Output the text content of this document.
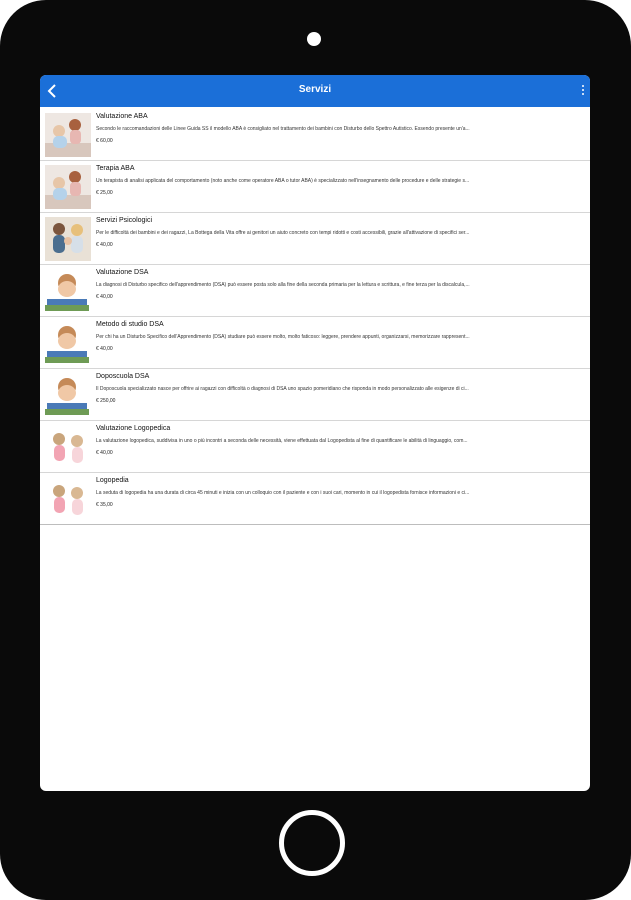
Servizi
Valutazione ABA
Secondo le raccomandazioni delle Linee Guida SS il modello ABA è consigliato nel trattamento dei bambini con Disturbo dello Spettro Autistico. Essendo presente un'a...
€ 60,00
Terapia ABA
Un terapista di analisi applicata del comportamento (noto anche come operatore ABA o tutor ABA) è specializzato nell'insegnamento delle procedure e delle strategie s...
€ 25,00
Servizi Psicologici
Per le difficoltà dei bambini e dei ragazzi, La Bottega della Vita offre ai genitori un aiuto concreto con tempi ridotti e costi accessibili, grazie all'attivazione di specifici ser...
€ 40,00
Valutazione DSA
La diagnosi di Disturbo specifico dell'apprendimento (DSA) può essere posta solo alla fine della seconda primaria per la lettura e scrittura, e fine terza per la discalcula,...
€ 40,00
Metodo di studio DSA
Per chi ha un Disturbo Specifico dell'Apprendimento (DSA) studiare può essere molto, molto faticoso: leggere, prendere appunti, organizzarsi, memorizzare rappresent...
€ 40,00
Doposcuola DSA
Il Doposcuola specializzato nasce per offrire ai ragazzi con difficoltà o diagnosi di DSA uno spazio pomeridiano che risponda in modo personalizzato alle esigenze di ci...
€ 250,00
Valutazione Logopedica
La valutazione logopedica, suddivisa in uno o più incontri a seconda delle necessità, viene effettuata dal Logopedista al fine di quantificare le abilità di linguaggio, com...
€ 40,00
Logopedia
La seduta di logopedia ha una durata di circa 45 minuti e inizia con un colloquio con il paziente e con i suoi cari, momento in cui il logopedista fornisce informazioni e ci...
€ 35,00
